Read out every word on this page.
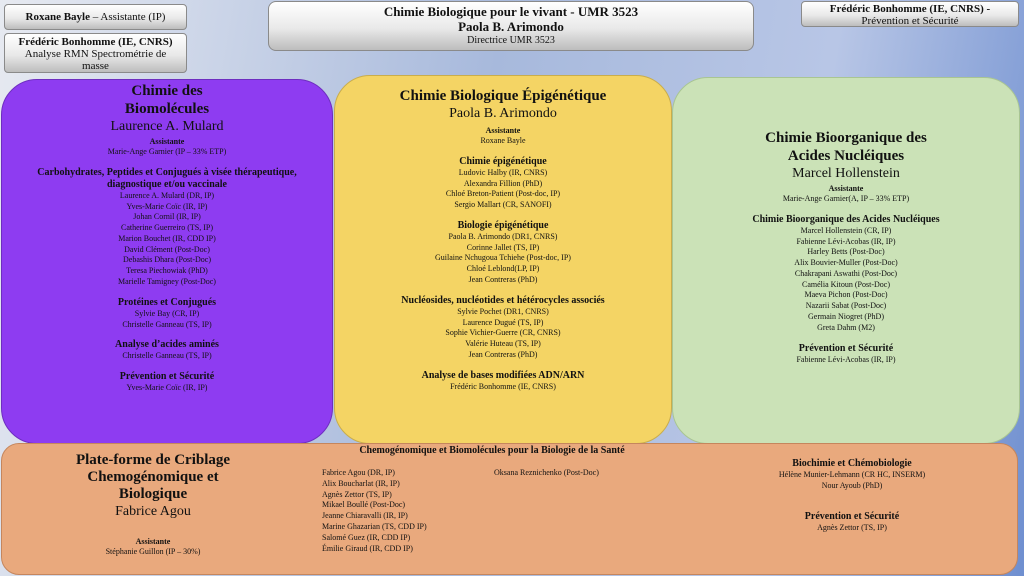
Roxane Bayle – Assistante (IP)
Frédéric Bonhomme (IE, CNRS)
Analyse RMN Spectrométrie de masse
Chimie Biologique pour le vivant - UMR 3523
Paola B. Arimondo
Directrice UMR 3523
Frédéric Bonhomme (IE, CNRS) -
Prévention et Sécurité
Chimie des
Biomolécules
Laurence A. Mulard
Assistante
Marie-Ange Garnier (IP – 33% ETP)
Carbohydrates, Peptides et Conjugués à visée thérapeutique, diagnostique et/ou vaccinale
Laurence A. Mulard (DR, IP)
Yves-Marie Coïc (IR, IP)
Johan Cornil (IR, IP)
Catherine Guerreiro (TS, IP)
Marion Bouchet (IR, CDD IP)
David Clément (Post-Doc)
Debashis Dhara (Post-Doc)
Teresa Piechowiak (PhD)
Marielle Tamigney (Post-Doc)
Protéines et Conjugués
Sylvie Bay (CR, IP)
Christelle Ganneau (TS, IP)
Analyse d’acides aminés
Christelle Ganneau (TS, IP)
Prévention et Sécurité
Yves-Marie Coïc (IR, IP)
Chimie Biologique Épigénétique
Paola B. Arimondo
Assistante
Roxane Bayle
Chimie épigénétique
Ludovic Halby (IR, CNRS)
Alexandra Fillion (PhD)
Chloé Breton-Patient (Post-doc, IP)
Sergio Mallart (CR, SANOFI)
Biologie épigénétique
Paola B. Arimondo (DR1, CNRS)
Corinne Jallet (TS, IP)
Guilaine Nchugoua Tchiehe (Post-doc, IP)
Chloé Leblond(LP, IP)
Jean Contreras (PhD)
Nucléosides, nucléotides et hétérocycles associés
Sylvie Pochet (DR1, CNRS)
Laurence Dugué (TS, IP)
Sophie Vichier-Guerre (CR, CNRS)
Valérie Huteau (TS, IP)
Jean Contreras (PhD)
Analyse de bases modifiées ADN/ARN
Frédéric Bonhomme (IE, CNRS)
Chimie Bioorganique des
Acides Nucléiques
Marcel Hollenstein
Assistante
Marie-Ange Garnier(A, IP – 33% ETP)
Chimie Bioorganique des Acides Nucléiques
Marcel Hollenstein (CR, IP)
Fabienne Lévi-Acobas (IR, IP)
Harley Betts (Post-Doc)
Alix Bouvier-Muller (Post-Doc)
Chakrapani Aswathi (Post-Doc)
Camélia Kitoun (Post-Doc)
Maeva Pichon (Post-Doc)
Nazarii Sabat (Post-Doc)
Germain Niogret (PhD)
Greta Dahm (M2)
Prévention et Sécurité
Fabienne Lévi-Acobas (IR, IP)
Plate-forme de Criblage
Chemogénomique et
Biologique
Fabrice Agou
Assistante
Stéphanie Guillon (IP – 30%)
Chemogénomique et Biomolécules pour la Biologie de la Santé
Fabrice Agou (DR, IP)
Alix Boucharlat (IR, IP)
Agnès Zettor (TS, IP)
Mikael Boullé (Post-Doc)
Jeanne Chiaravalli (IR, IP)
Marine Ghazarian (TS, CDD IP)
Salomé Guez (IR, CDD IP)
Émilie Giraud (IR, CDD IP)
Oksana Reznichenko (Post-Doc)
Biochimie et Chémobiologie
Hélène Munier-Lehmann (CR HC, INSERM)
Nour Ayoub (PhD)
Prévention et Sécurité
Agnès Zettor (TS, IP)
